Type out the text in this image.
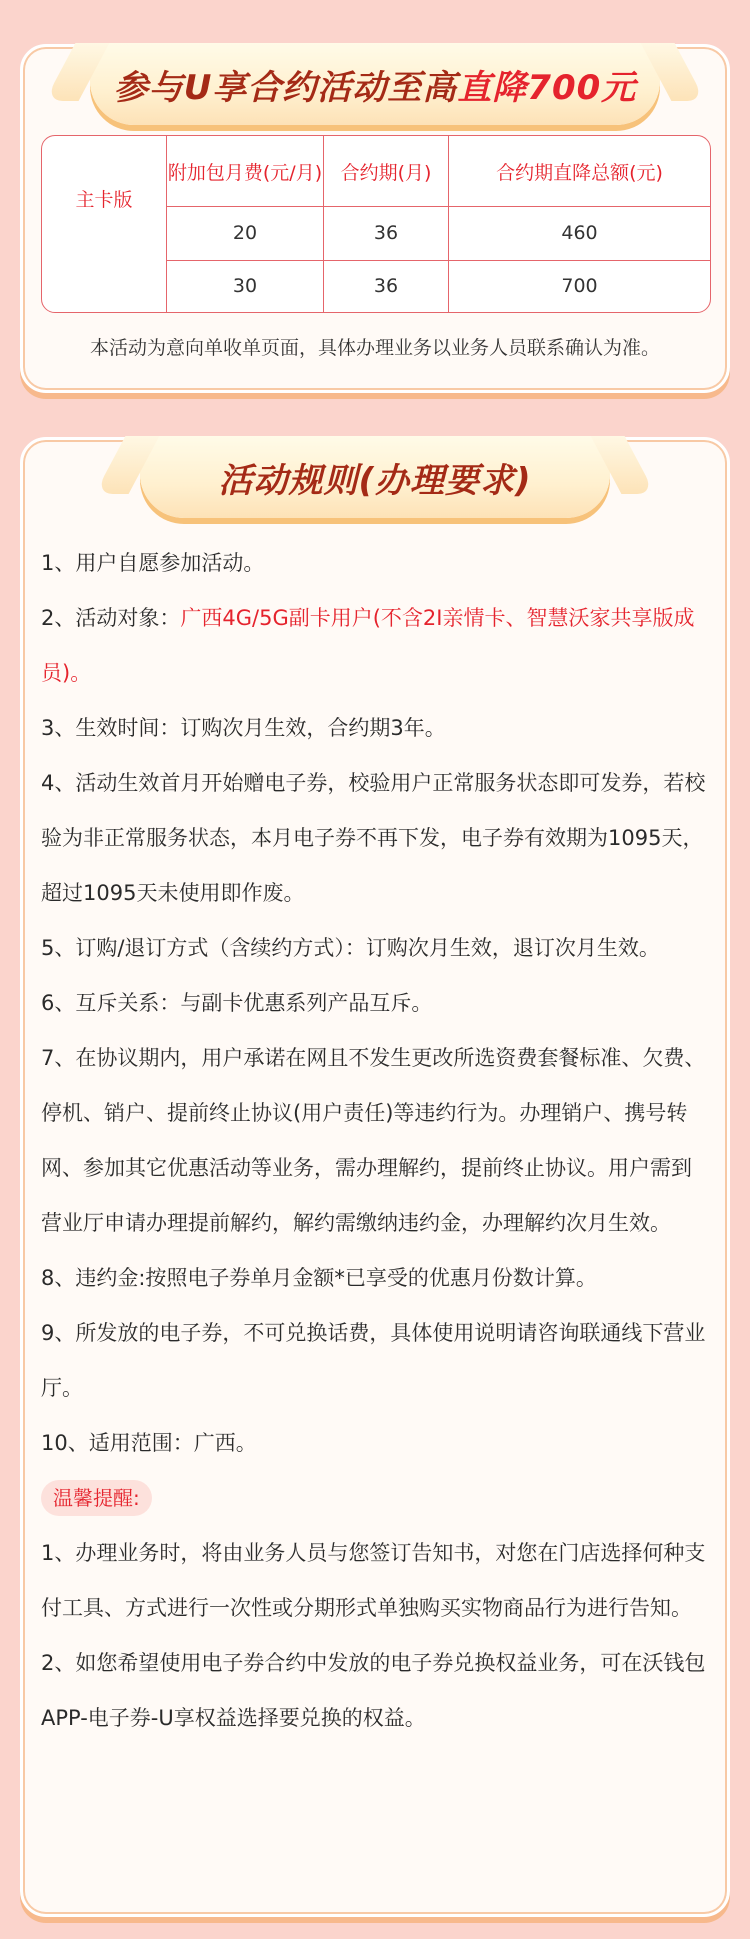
参与U享合约活动至高直降700元
主卡版	附加包月费(元/月)	合约期(月)	合约期直降总额(元)
	20	36	460
	30	36	700
本活动为意向单收单页面，具体办理业务以业务人员联系确认为准。
活动规则(办理要求)

1、用户自愿参加活动。

2、活动对象：广西4G/5G副卡用户(不含2I亲情卡、智慧沃家共享版成员)。

3、生效时间：订购次月生效，合约期3年。

4、活动生效首月开始赠电子券，校验用户正常服务状态即可发券，若校验为非正常服务状态，本月电子券不再下发，电子券有效期为1095天，超过1095天未使用即作废。

5、订购/退订方式（含续约方式）：订购次月生效，退订次月生效。

6、互斥关系：与副卡优惠系列产品互斥。

7、在协议期内，用户承诺在网且不发生更改所选资费套餐标准、欠费、停机、销户、提前终止协议(用户责任)等违约行为。办理销户、携号转网、参加其它优惠活动等业务，需办理解约，提前终止协议。用户需到营业厅申请办理提前解约，解约需缴纳违约金，办理解约次月生效。

8、违约金:按照电子券单月金额*已享受的优惠月份数计算。

9、所发放的电子券，不可兑换话费，具体使用说明请咨询联通线下营业厅。

10、适用范围：广西。

温馨提醒:

1、办理业务时，将由业务人员与您签订告知书，对您在门店选择何种支付工具、方式进行一次性或分期形式单独购买实物商品行为进行告知。

2、如您希望使用电子券合约中发放的电子券兑换权益业务，可在沃钱包APP-电子券-U享权益选择要兑换的权益。
